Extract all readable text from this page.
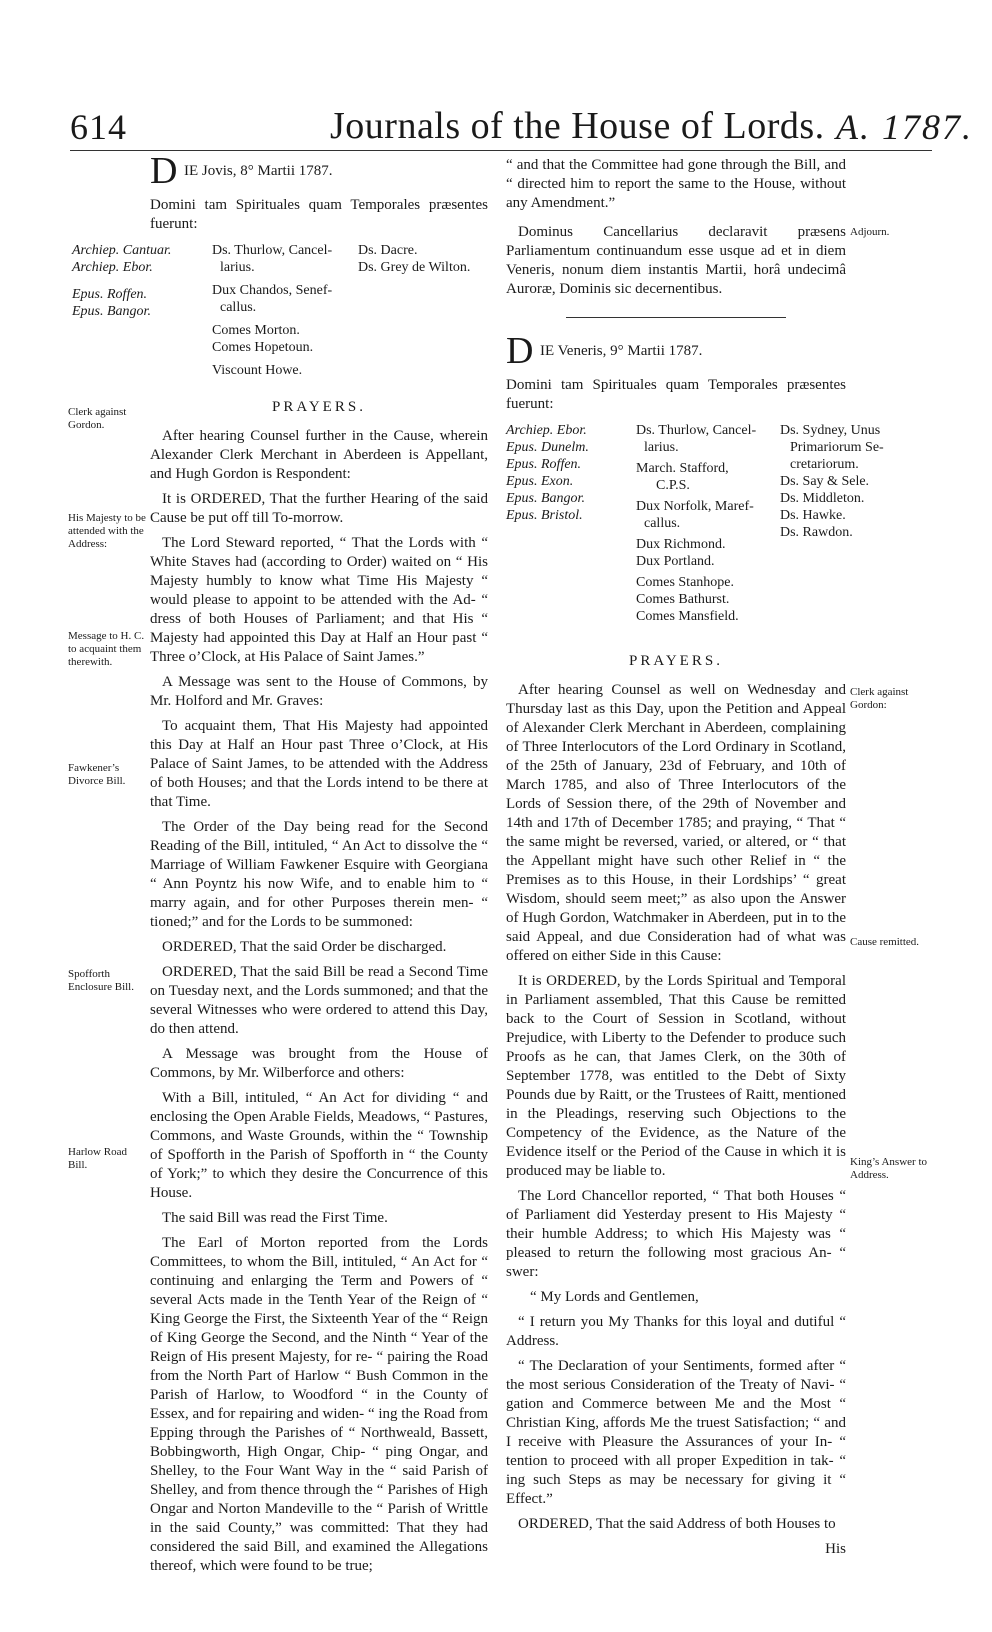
614	Journals of the House of Lords. A. 1787.
Clerk against Gordon.
His Majesty to be attended with the Address:
Message to H. C. to acquaint them therewith.
Fawkener’s Divorce Bill.
Spofforth Enclosure Bill.
Harlow Road Bill.
D IE Jovis, 8° Martii 1787.

Domini tam Spirituales quam Temporales præsentes fuerunt:

Archiep. Cantuar.
Archiep. Ebor.
Epus. Roffen.
Epus. Bangor.
Ds. Thurlow, Cancel-
larius.
Dux Chandos, Senef-
callus.
Comes Morton.
Comes Hopetoun.
Viscount Howe.
Ds. Dacre.
Ds. Grey de Wilton.

PRAYERS.

After hearing Counsel further in the Cause, wherein Alexander Clerk Merchant in Aberdeen is Appellant, and Hugh Gordon is Respondent:

It is ORDERED, That the further Hearing of the said Cause be put off till To-morrow.

The Lord Steward reported, “ That the Lords with “ White Staves had (according to Order) waited on “ His Majesty humbly to know what Time His Majesty “ would please to appoint to be attended with the Ad- “ dress of both Houses of Parliament; and that His “ Majesty had appointed this Day at Half an Hour past “ Three o’Clock, at His Palace of Saint James.”

A Message was sent to the House of Commons, by Mr. Holford and Mr. Graves:

To acquaint them, That His Majesty had appointed this Day at Half an Hour past Three o’Clock, at His Palace of Saint James, to be attended with the Address of both Houses; and that the Lords intend to be there at that Time.

The Order of the Day being read for the Second Reading of the Bill, intituled, “ An Act to dissolve the “ Marriage of William Fawkener Esquire with Georgiana “ Ann Poyntz his now Wife, and to enable him to “ marry again, and for other Purposes therein men- “ tioned;” and for the Lords to be summoned:

ORDERED, That the said Order be discharged.

ORDERED, That the said Bill be read a Second Time on Tuesday next, and the Lords summoned; and that the several Witnesses who were ordered to attend this Day, do then attend.

A Message was brought from the House of Commons, by Mr. Wilberforce and others:

With a Bill, intituled, “ An Act for dividing “ and enclosing the Open Arable Fields, Meadows, “ Pastures, Commons, and Waste Grounds, within the “ Township of Spofforth in the Parish of Spofforth in “ the County of York;” to which they desire the Concurrence of this House.

The said Bill was read the First Time.

The Earl of Morton reported from the Lords Committees, to whom the Bill, intituled, “ An Act for “ continuing and enlarging the Term and Powers of “ several Acts made in the Tenth Year of the Reign of “ King George the First, the Sixteenth Year of the “ Reign of King George the Second, and the Ninth “ Year of the Reign of His present Majesty, for re- “ pairing the Road from the North Part of Harlow “ Bush Common in the Parish of Harlow, to Woodford “ in the County of Essex, and for repairing and widen- “ ing the Road from Epping through the Parishes of “ Northweald, Bassett, Bobbingworth, High Ongar, Chip- “ ping Ongar, and Shelley, to the Four Want Way in the “ said Parish of Shelley, and from thence through the “ Parishes of High Ongar and Norton Mandeville to the “ Parish of Writtle in the said County,” was committed: That they had considered the said Bill, and examined the Allegations thereof, which were found to be true;

“ and that the Committee had gone through the Bill, and “ directed him to report the same to the House, without any Amendment.”

Dominus Cancellarius declaravit præsens Parliamentum continuandum esse usque ad et in diem Veneris, nonum diem instantis Martii, horâ undecimâ Auroræ, Dominis sic decernentibus.

D IE Veneris, 9° Martii 1787.

Domini tam Spirituales quam Temporales præsentes fuerunt:

Archiep. Ebor.
Epus. Dunelm.
Epus. Roffen.
Epus. Exon.
Epus. Bangor.
Epus. Bristol.
Ds. Thurlow, Cancel-
larius.
March. Stafford,
C.P.S.
Dux Norfolk, Maref-
callus.
Dux Richmond.
Dux Portland.
Comes Stanhope.
Comes Bathurst.
Comes Mansfield.
Ds. Sydney, Unus
Primariorum Se-
cretariorum.
Ds. Say & Sele.
Ds. Middleton.
Ds. Hawke.
Ds. Rawdon.

PRAYERS.

After hearing Counsel as well on Wednesday and Thursday last as this Day, upon the Petition and Appeal of Alexander Clerk Merchant in Aberdeen, complaining of Three Interlocutors of the Lord Ordinary in Scotland, of the 25th of January, 23d of February, and 10th of March 1785, and also of Three Interlocutors of the Lords of Session there, of the 29th of November and 14th and 17th of December 1785; and praying, “ That “ the same might be reversed, varied, or altered, or “ that the Appellant might have such other Relief in “ the Premises as to this House, in their Lordships’ “ great Wisdom, should seem meet;” as also upon the Answer of Hugh Gordon, Watchmaker in Aberdeen, put in to the said Appeal, and due Consideration had of what was offered on either Side in this Cause:

It is ORDERED, by the Lords Spiritual and Temporal in Parliament assembled, That this Cause be remitted back to the Court of Session in Scotland, without Prejudice, with Liberty to the Defender to produce such Proofs as he can, that James Clerk, on the 30th of September 1778, was entitled to the Debt of Sixty Pounds due by Raitt, or the Trustees of Raitt, mentioned in the Pleadings, reserving such Objections to the Competency of the Evidence, as the Nature of the Evidence itself or the Period of the Cause in which it is produced may be liable to.

The Lord Chancellor reported, “ That both Houses “ of Parliament did Yesterday present to His Majesty “ their humble Address; to which His Majesty was “ pleased to return the following most gracious An- “ swer:

“ My Lords and Gentlemen,

“ I return you My Thanks for this loyal and dutiful “ Address.

“ The Declaration of your Sentiments, formed after “ the most serious Consideration of the Treaty of Navi- “ gation and Commerce between Me and the Most “ Christian King, affords Me the truest Satisfaction; “ and I receive with Pleasure the Assurances of your In- “ tention to proceed with all proper Expedition in tak- “ ing such Steps as may be necessary for giving it “ Effect.”

ORDERED, That the said Address of both Houses to

His

Adjourn.
Clerk against Gordon:
Cause remitted.
King’s Answer to Address.
